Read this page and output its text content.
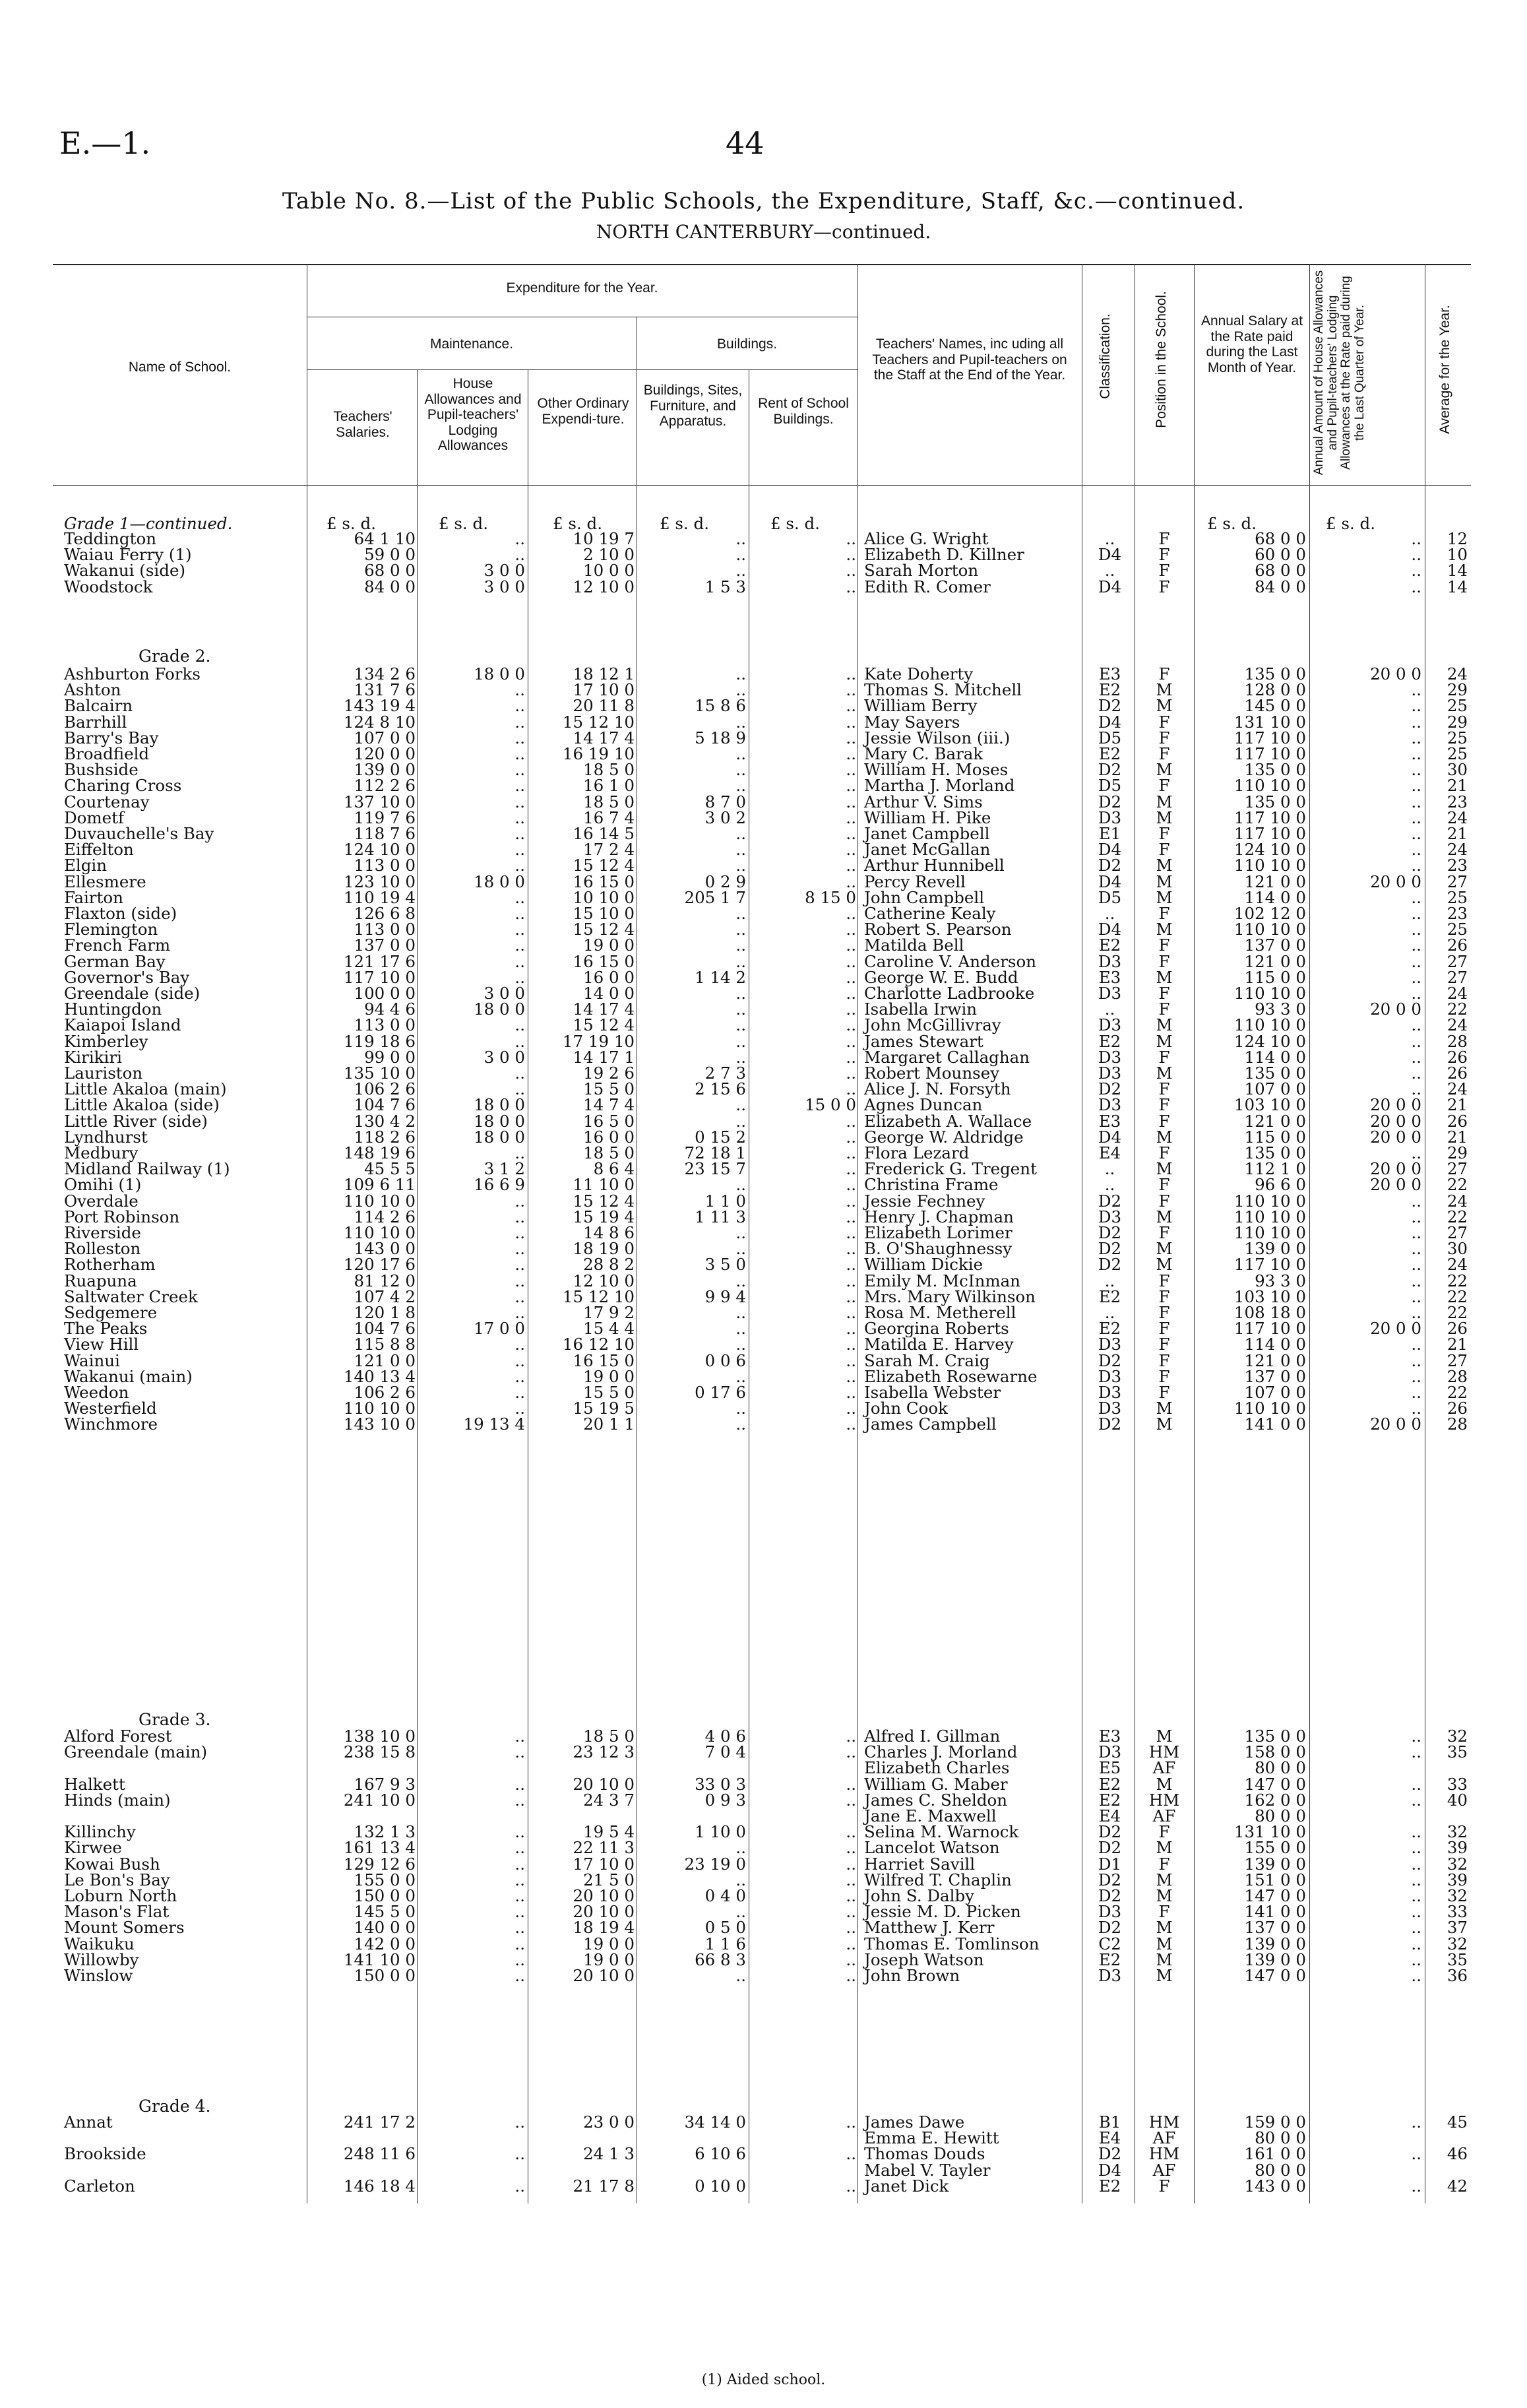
E.—1.	44
Table No. 8.—List of the Public Schools, the Expenditure, Staff, &c.—continued.
NORTH CANTERBURY—continued.
Name of School.
Expenditure for the Year.
Maintenance.	Buildings.
Teachers' Salaries.
House Allowances and Pupil-teachers' Lodging Allowances
Other Ordinary Expendi-ture.
Buildings, Sites, Furniture, and Apparatus.
Rent of School Buildings.
Teachers' Names, inc uding all Teachers and Pupil-teachers on the Staff at the End of the Year.	Classification.	Position in the School.	Annual Salary at the Rate paid during the Last Month of Year.	Annual Amount of House Allowances and Pupil-teachers' Lodging Allowances at the Rate paid during the Last Quarter of Year.	Average for the Year.
Grade 1—continued.	£ s. d.	£ s. d.	£ s. d.	£ s. d.	£ s. d.	£ s. d.	£ s. d.
Grade 2.
Grade 3.
Grade 4.
Teddington	64 1 10	..	10 19 7	..	.. Alice G. Wright	..	F	68 0 0	..	12
Waiau Ferry (1)	59 0 0	..	2 10 0	..	.. Elizabeth D. Killner	D4	F	60 0 0	..	10
Wakanui (side)	68 0 0	3 0 0	10 0 0	..	.. Sarah Morton	..	F	68 0 0	..	14
Woodstock	84 0 0	3 0 0	12 10 0	1 5 3	.. Edith R. Comer	D4	F	84 0 0	..	14
Ashburton Forks	134 2 6	18 0 0	18 12 1	..	.. Kate Doherty	E3	F	135 0 0	20 0 0	24
Ashton	131 7 6	..	17 10 0	..	.. Thomas S. Mitchell	E2	M	128 0 0	..	29
Balcairn	143 19 4	..	20 11 8	15 8 6	.. William Berry	D2	M	145 0 0	..	25
Barrhill	124 8 10	..	15 12 10	..	.. May Sayers	D4	F	131 10 0	..	29
Barry's Bay	107 0 0	..	14 17 4	5 18 9	.. Jessie Wilson (iii.)	D5	F	117 10 0	..	25
Broadfield	120 0 0	..	16 19 10	..	.. Mary C. Barak	E2	F	117 10 0	..	25
Bushside	139 0 0	..	18 5 0	..	.. William H. Moses	D2	M	135 0 0	..	30
Charing Cross	112 2 6	..	16 1 0	..	.. Martha J. Morland	D5	F	110 10 0	..	21
Courtenay	137 10 0	..	18 5 0	8 7 0	.. Arthur V. Sims	D2	M	135 0 0	..	23
Dometf	119 7 6	..	16 7 4	3 0 2	.. William H. Pike	D3	M	117 10 0	..	24
Duvauchelle's Bay	118 7 6	..	16 14 5	..	.. Janet Campbell	E1	F	117 10 0	..	21
Eiffelton	124 10 0	..	17 2 4	..	.. Janet McGallan	D4	F	124 10 0	..	24
Elgin	113 0 0	..	15 12 4	..	.. Arthur Hunnibell	D2	M	110 10 0	..	23
Ellesmere	123 10 0	18 0 0	16 15 0	0 2 9	.. Percy Revell	D4	M	121 0 0	20 0 0	27
Fairton	110 19 4	..	10 10 0	205 1 7	8 15 0 John Campbell	D5	M	114 0 0	..	25
Flaxton (side)	126 6 8	..	15 10 0	..	.. Catherine Kealy	..	F	102 12 0	..	23
Flemington	113 0 0	..	15 12 4	..	.. Robert S. Pearson	D4	M	110 10 0	..	25
French Farm	137 0 0	..	19 0 0	..	.. Matilda Bell	E2	F	137 0 0	..	26
German Bay	121 17 6	..	16 15 0	..	.. Caroline V. Anderson	D3	F	121 0 0	..	27
Governor's Bay	117 10 0	..	16 0 0	1 14 2	.. George W. E. Budd	E3	M	115 0 0	..	27
Greendale (side)	100 0 0	3 0 0	14 0 0	..	.. Charlotte Ladbrooke	D3	F	110 10 0	..	24
Huntingdon	94 4 6	18 0 0	14 17 4	..	.. Isabella Irwin	..	F	93 3 0	20 0 0	22
Kaiapoi Island	113 0 0	..	15 12 4	..	.. John McGillivray	D3	M	110 10 0	..	24
Kimberley	119 18 6	..	17 19 10	..	.. James Stewart	E2	M	124 10 0	..	28
Kirikiri	99 0 0	3 0 0	14 17 1	..	.. Margaret Callaghan	D3	F	114 0 0	..	26
Lauriston	135 10 0	..	19 2 6	2 7 3	.. Robert Mounsey	D3	M	135 0 0	..	26
Little Akaloa (main)	106 2 6	..	15 5 0	2 15 6	.. Alice J. N. Forsyth	D2	F	107 0 0	..	24
Little Akaloa (side)	104 7 6	18 0 0	14 7 4	..	15 0 0 Agnes Duncan	D3	F	103 10 0	20 0 0	21
Little River (side)	130 4 2	18 0 0	16 5 0	..	.. Elizabeth A. Wallace	E3	F	121 0 0	20 0 0	26
Lyndhurst	118 2 6	18 0 0	16 0 0	0 15 2	.. George W. Aldridge	D4	M	115 0 0	20 0 0	21
Medbury	148 19 6	..	18 5 0	72 18 1	.. Flora Lezard	E4	F	135 0 0	..	29
Midland Railway (1)	45 5 5	3 1 2	8 6 4	23 15 7	.. Frederick G. Tregent	..	M	112 1 0	20 0 0	27
Omihi (1)	109 6 11	16 6 9	11 10 0	..	.. Christina Frame	..	F	96 6 0	20 0 0	22
Overdale	110 10 0	..	15 12 4	1 1 0	.. Jessie Fechney	D2	F	110 10 0	..	24
Port Robinson	114 2 6	..	15 19 4	1 11 3	.. Henry J. Chapman	D3	M	110 10 0	..	22
Riverside	110 10 0	..	14 8 6	..	.. Elizabeth Lorimer	D2	F	110 10 0	..	27
Rolleston	143 0 0	..	18 19 0	..	.. B. O'Shaughnessy	D2	M	139 0 0	..	30
Rotherham	120 17 6	..	28 8 2	3 5 0	.. William Dickie	D2	M	117 10 0	..	24
Ruapuna	81 12 0	..	12 10 0	..	.. Emily M. McInman	..	F	93 3 0	..	22
Saltwater Creek	107 4 2	..	15 12 10	9 9 4	.. Mrs. Mary Wilkinson	E2	F	103 10 0	..	22
Sedgemere	120 1 8	..	17 9 2	..	.. Rosa M. Metherell	..	F	108 18 0	..	22
The Peaks	104 7 6	17 0 0	15 4 4	..	.. Georgina Roberts	E2	F	117 10 0	20 0 0	26
View Hill	115 8 8	..	16 12 10	..	.. Matilda E. Harvey	D3	F	114 0 0	..	21
Wainui	121 0 0	..	16 15 0	0 0 6	.. Sarah M. Craig	D2	F	121 0 0	..	27
Wakanui (main)	140 13 4	..	19 0 0	..	.. Elizabeth Rosewarne	D3	F	137 0 0	..	28
Weedon	106 2 6	..	15 5 0	0 17 6	.. Isabella Webster	D3	F	107 0 0	..	22
Westerfield	110 10 0	..	15 19 5	..	.. John Cook	D3	M	110 10 0	..	26
Winchmore	143 10 0	19 13 4	20 1 1	..	.. James Campbell	D2	M	141 0 0	20 0 0	28
Alford Forest	138 10 0	..	18 5 0	4 0 6	.. Alfred I. Gillman	E3	M	135 0 0	..	32
Greendale (main)	238 15 8	..	23 12 3	7 0 4	.. Charles J. Morland	D3	HM	158 0 0	..	35
Elizabeth Charles	E5	AF	80 0 0
Halkett	167 9 3	..	20 10 0	33 0 3	.. William G. Maber	E2	M	147 0 0	..	33
Hinds (main)	241 10 0	..	24 3 7	0 9 3	.. James C. Sheldon	E2	HM	162 0 0	..	40
Jane E. Maxwell	E4	AF	80 0 0
Killinchy	132 1 3	..	19 5 4	1 10 0	.. Selina M. Warnock	D2	F	131 10 0	..	32
Kirwee	161 13 4	..	22 11 3	..	.. Lancelot Watson	D2	M	155 0 0	..	39
Kowai Bush	129 12 6	..	17 10 0	23 19 0	.. Harriet Savill	D1	F	139 0 0	..	32
Le Bon's Bay	155 0 0	..	21 5 0	..	.. Wilfred T. Chaplin	D2	M	151 0 0	..	39
Loburn North	150 0 0	..	20 10 0	0 4 0	.. John S. Dalby	D2	M	147 0 0	..	32
Mason's Flat	145 5 0	..	20 10 0	..	.. Jessie M. D. Picken	D3	F	141 0 0	..	33
Mount Somers	140 0 0	..	18 19 4	0 5 0	.. Matthew J. Kerr	D2	M	137 0 0	..	37
Waikuku	142 0 0	..	19 0 0	1 1 6	.. Thomas E. Tomlinson	C2	M	139 0 0	..	32
Willowby	141 10 0	..	19 0 0	66 8 3	.. Joseph Watson	E2	M	139 0 0	..	35
Winslow	150 0 0	..	20 10 0	..	.. John Brown	D3	M	147 0 0	..	36
Annat	241 17 2	..	23 0 0	34 14 0	.. James Dawe	B1	HM	159 0 0	..	45
Emma E. Hewitt	E4	AF	80 0 0
Brookside	248 11 6	..	24 1 3	6 10 6	.. Thomas Douds	D2	HM	161 0 0	..	46
Mabel V. Tayler	D4	AF	80 0 0
Carleton	146 18 4	..	21 17 8	0 10 0	.. Janet Dick	E2	F	143 0 0	..	42
(1) Aided school.
